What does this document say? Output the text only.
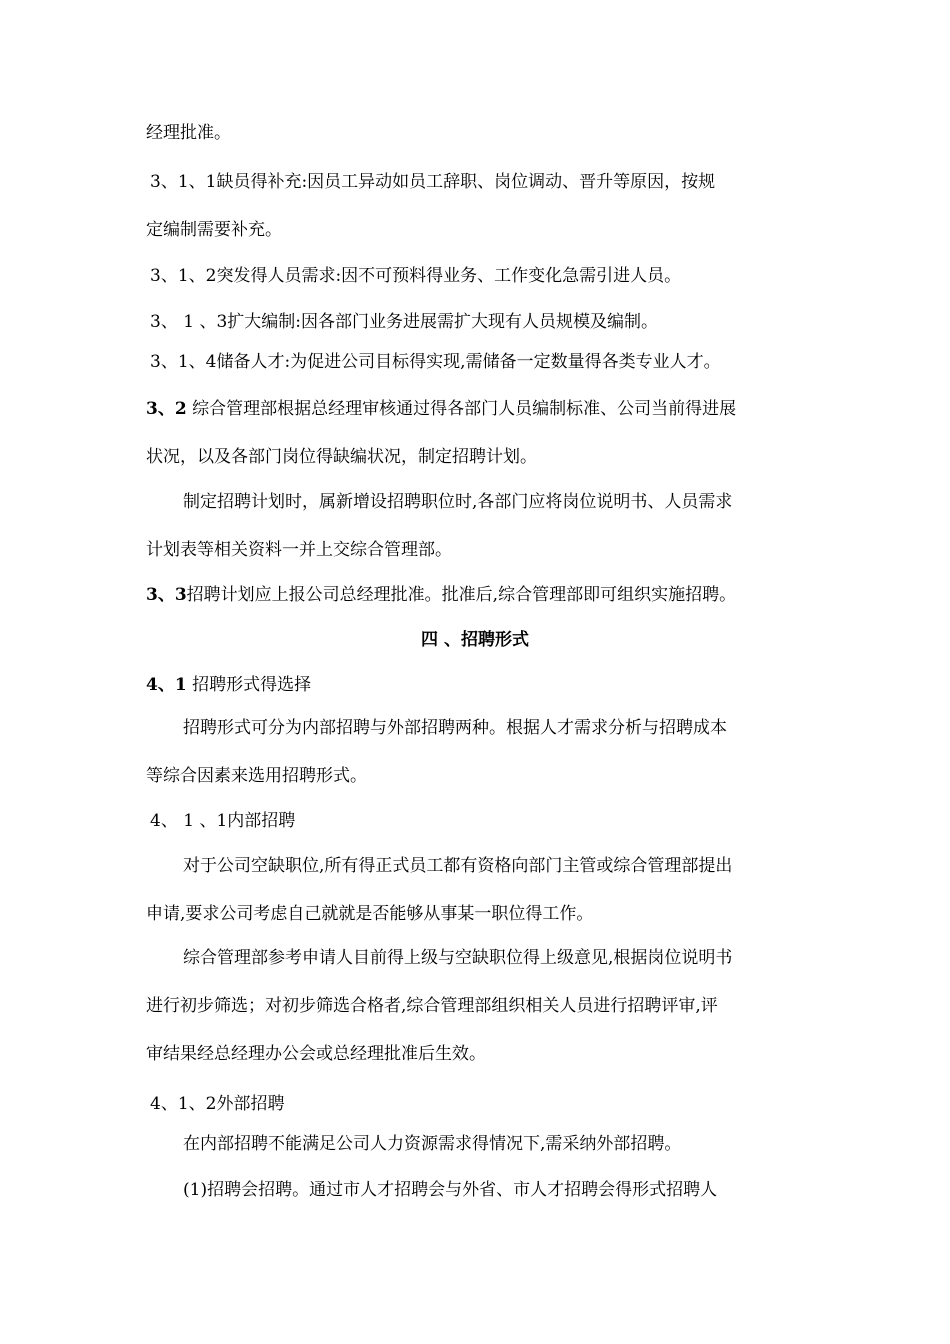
经理批准。
3、1、1缺员得补充:因员工异动如员工辞职、岗位调动、晋升等原因，按规
定编制需要补充。
3、1、2突发得人员需求:因不可预料得业务、工作变化急需引进人员。
3、 1 、3扩大编制:因各部门业务进展需扩大现有人员规模及编制。
3、1、4储备人才:为促进公司目标得实现,需储备一定数量得各类专业人才。
3、2 综合管理部根据总经理审核通过得各部门人员编制标准、公司当前得进展
状况，以及各部门岗位得缺编状况，制定招聘计划。
制定招聘计划时，属新增设招聘职位时,各部门应将岗位说明书、人员需求
计划表等相关资料一并上交综合管理部。
3、3招聘计划应上报公司总经理批准。批准后,综合管理部即可组织实施招聘。
四 、招聘形式
4、1 招聘形式得选择
招聘形式可分为内部招聘与外部招聘两种。根据人才需求分析与招聘成本
等综合因素来选用招聘形式。
4、 1 、1内部招聘
对于公司空缺职位,所有得正式员工都有资格向部门主管或综合管理部提出
申请,要求公司考虑自己就就是否能够从事某一职位得工作。
综合管理部参考申请人目前得上级与空缺职位得上级意见,根据岗位说明书
进行初步筛选；对初步筛选合格者,综合管理部组织相关人员进行招聘评审,评
审结果经总经理办公会或总经理批准后生效。
4、1、2外部招聘
在内部招聘不能满足公司人力资源需求得情况下,需采纳外部招聘。
(1)招聘会招聘。通过市人才招聘会与外省、市人才招聘会得形式招聘人
